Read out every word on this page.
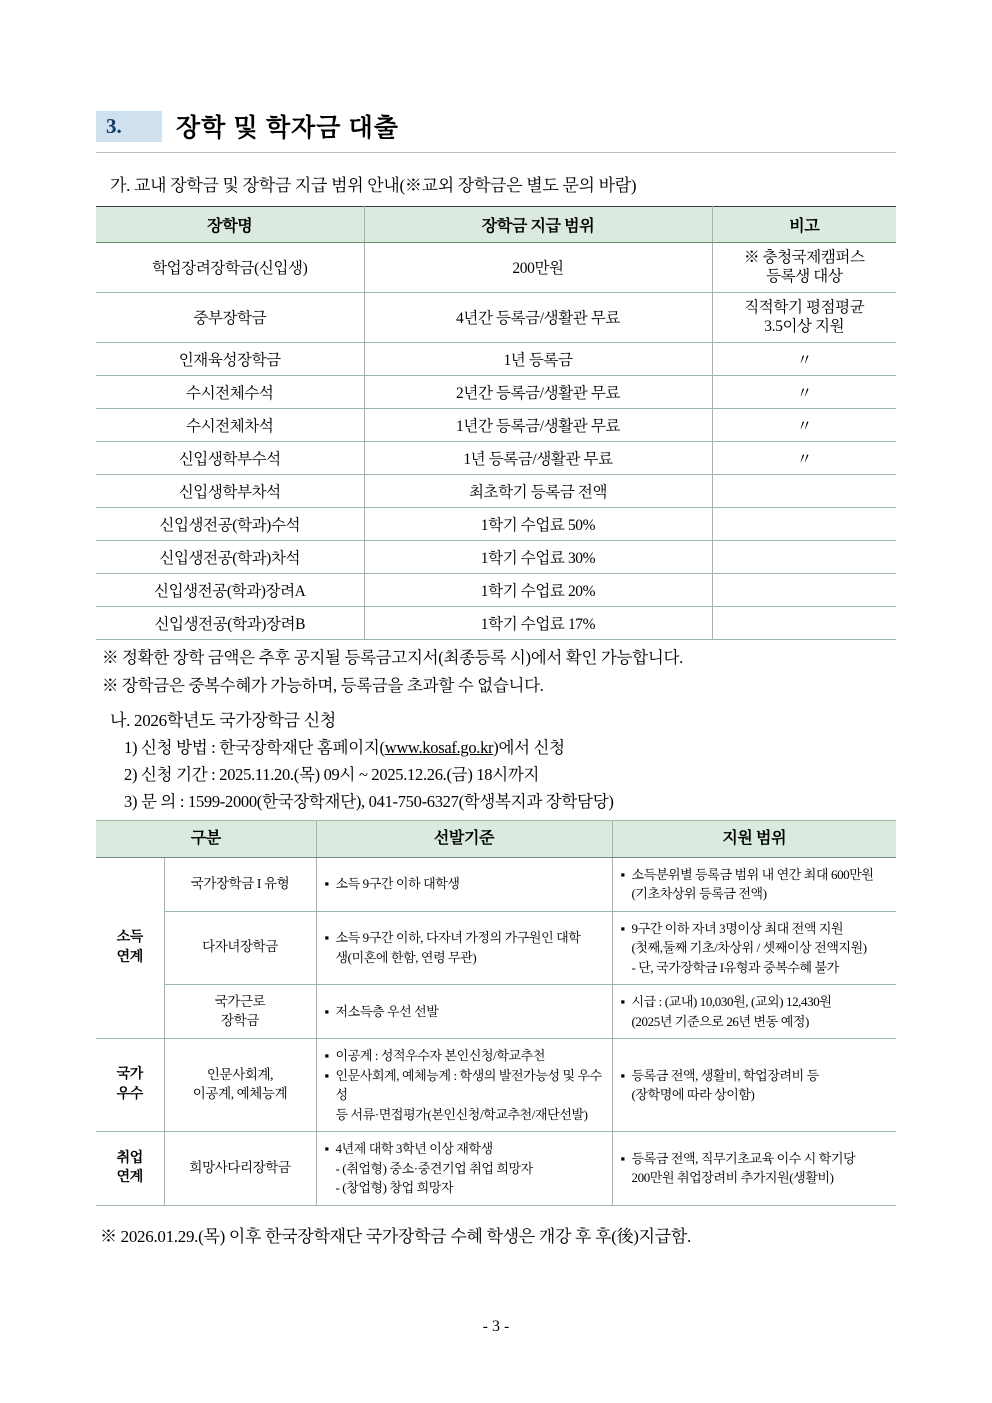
3.	장학 및 학자금 대출
가. 교내 장학금 및 장학금 지급 범위 안내(※교외 장학금은 별도 문의 바람)
장학명	장학금 지급 범위	비고
학업장려장학금(신입생)	200만원	※ 충청국제캠퍼스
등록생 대상
중부장학금	4년간 등록금/생활관 무료	직적학기 평점평균
3.5이상 지원
인재육성장학금	1년 등록금	〃
수시전체수석	2년간 등록금/생활관 무료	〃
수시전체차석	1년간 등록금/생활관 무료	〃
신입생학부수석	1년 등록금/생활관 무료	〃
신입생학부차석	최초학기 등록금 전액	
신입생전공(학과)수석	1학기 수업료 50%	
신입생전공(학과)차석	1학기 수업료 30%	
신입생전공(학과)장려A	1학기 수업료 20%	
신입생전공(학과)장려B	1학기 수업료 17%	
※ 정확한 장학 금액은 추후 공지될 등록금고지서(최종등록 시)에서 확인 가능합니다.
※ 장학금은 중복수혜가 가능하며, 등록금을 초과할 수 없습니다.
나. 2026학년도 국가장학금 신청
1) 신청 방법 : 한국장학재단 홈페이지(www.kosaf.go.kr)에서 신청
2) 신청 기간 : 2025.11.20.(목) 09시 ~ 2025.12.26.(금) 18시까지
3) 문 의 : 1599-2000(한국장학재단), 041-750-6327(학생복지과 장학담당)
구분		선발기준	지원 범위
소득
연계	국가장학금 I 유형	▪ 소득 9구간 이하 대학생	▪ 소득분위별 등록금 범위 내 연간 최대 600만원
(기초차상위 등록금 전액)

	다자녀장학금	▪ 소득 9구간 이하, 다자녀 가정의 가구원인 대학
생(미혼에 한함, 연령 무관)	▪ 9구간 이하 자녀 3명이상 최대 전액 지원
(첫째,둘째 기초/차상위 / 셋째이상 전액지원)
- 단, 국가장학금 I유형과 중복수혜 불가

	국가근로
장학금	▪ 저소득층 우선 선발	▪ 시급 : (교내) 10,030원, (교외) 12,430원
(2025년 기준으로 26년 변동 예정)

국가
우수	인문사회계,
이공계, 예체능계	▪ 이공계 : 성적우수자 본인신청/학교추천
▪ 인문사회계, 예체능계 : 학생의 발전가능성 및 우수성
등 서류·면접평가(본인신청/학교추천/재단선발)	▪ 등록금 전액, 생활비, 학업장려비 등
(장학명에 따라 상이함)

취업
연계	희망사다리장학금	▪ 4년제 대학 3학년 이상 재학생
- (취업형) 중소·중견기업 취업 희망자
- (창업형) 창업 희망자	▪ 등록금 전액, 직무기초교육 이수 시 학기당
200만원 취업장려비 추가지원(생활비)
※ 2026.01.29.(목) 이후 한국장학재단 국가장학금 수혜 학생은 개강 후 후(後)지급함.
- 3 -
